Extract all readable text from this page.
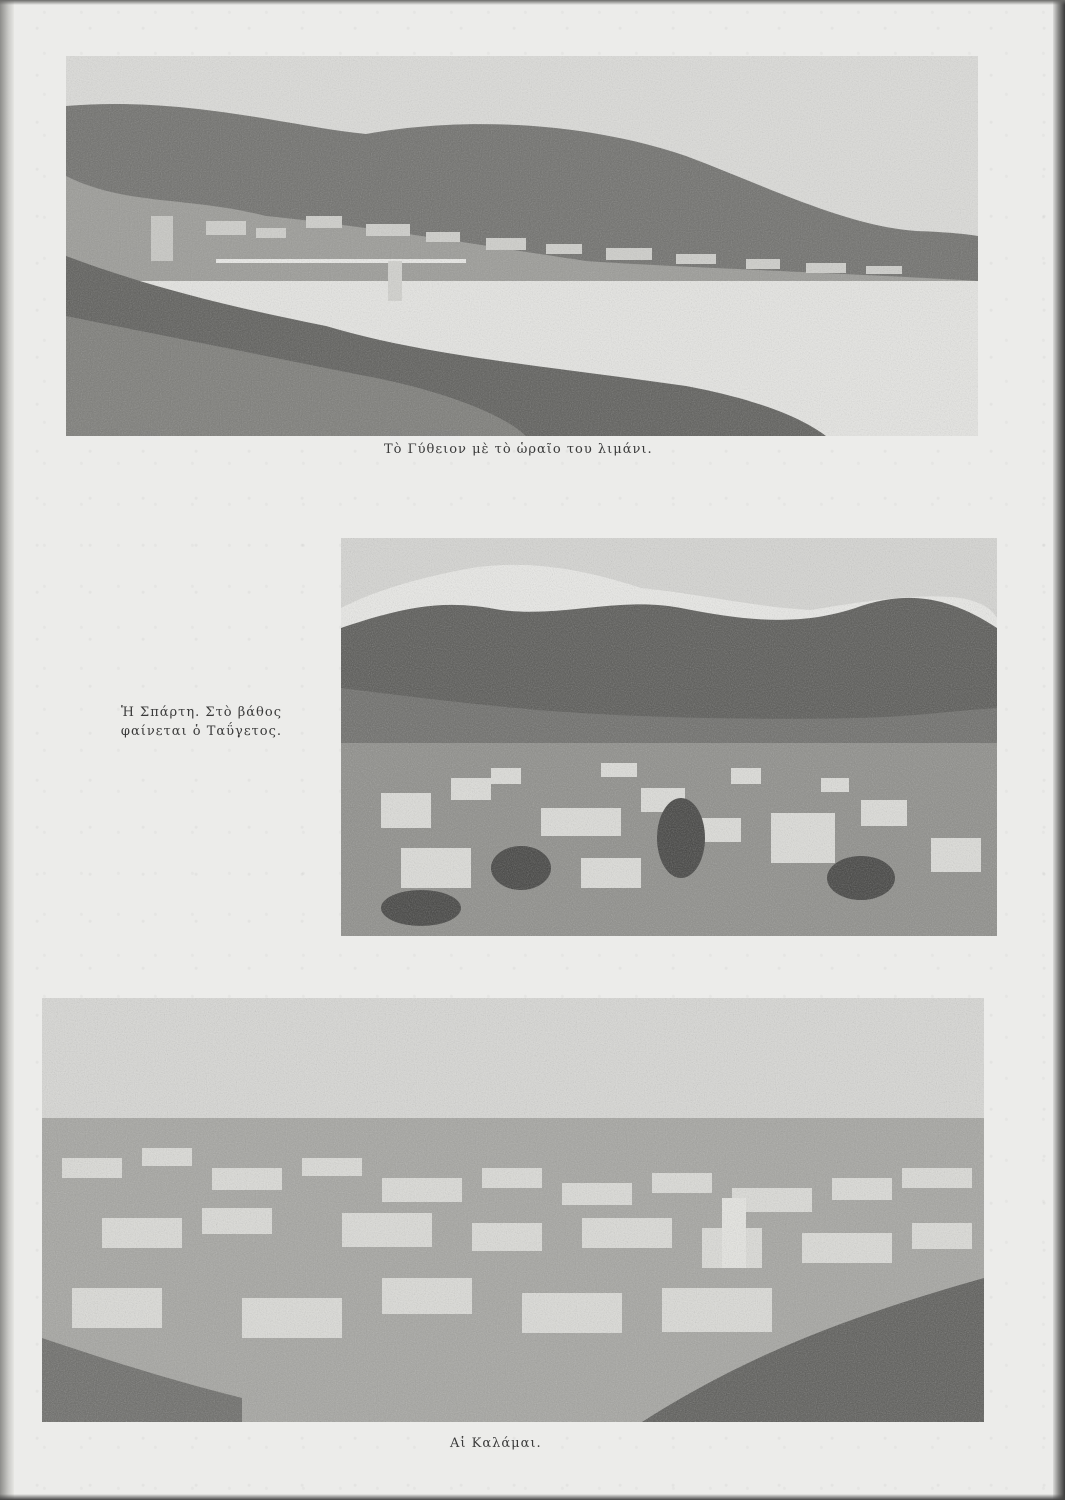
Τὸ Γύθειον μὲ τὸ ὡραῖο του λιμάνι.
Ἡ Σπάρτη. Στὸ βάθος
φαίνεται ὁ Ταΰγετος.
Αἱ Καλάμαι.
